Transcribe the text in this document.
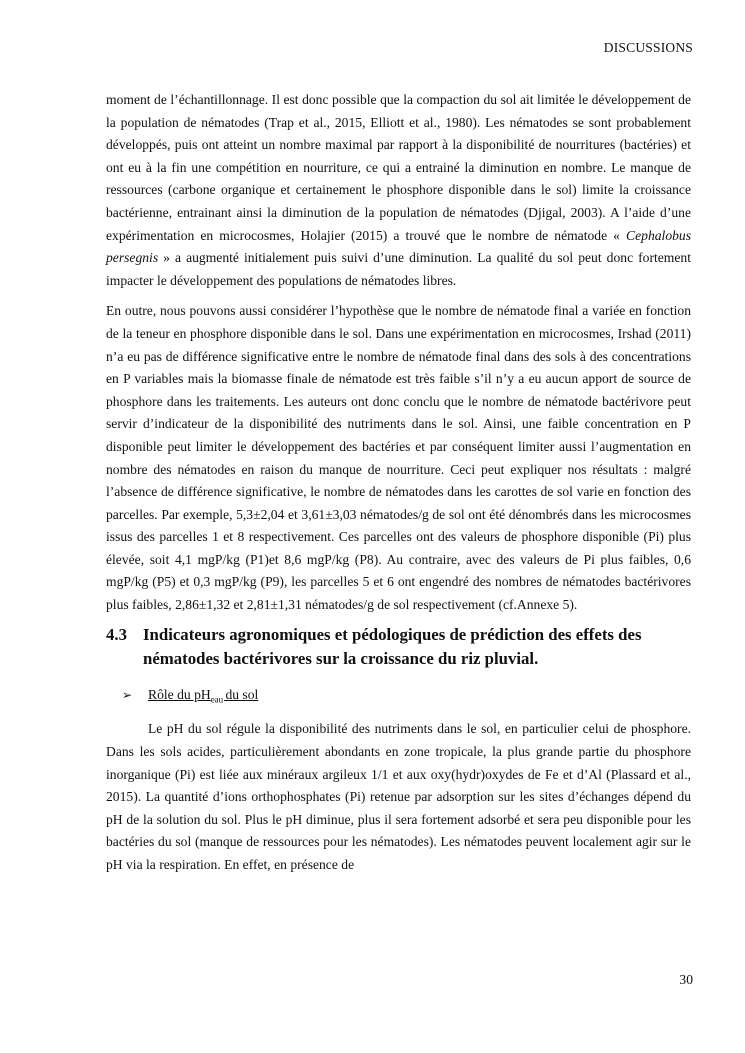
DISCUSSIONS

moment de l’échantillonnage. Il est donc possible que la compaction du sol ait limitée le développement de la population de nématodes (Trap et al., 2015, Elliott et al., 1980). Les nématodes se sont probablement développés, puis ont atteint un nombre maximal par rapport à la disponibilité de nourritures (bactéries) et ont eu à la fin une compétition en nourriture, ce qui a entrainé la diminution en nombre. Le manque de ressources (carbone organique et certainement le phosphore disponible dans le sol) limite la croissance bactérienne, entrainant ainsi la diminution de la population de nématodes (Djigal, 2003). A l’aide d’une expérimentation en microcosmes, Holajier (2015) a trouvé que le nombre de nématode « Cephalobus persegnis » a augmenté initialement puis suivi d’une diminution. La qualité du sol peut donc fortement impacter le développement des populations de nématodes libres.

En outre, nous pouvons aussi considérer l’hypothèse que le nombre de nématode final a variée en fonction de la teneur en phosphore disponible dans le sol. Dans une expérimentation en microcosmes, Irshad (2011) n’a eu pas de différence significative entre le nombre de nématode final dans des sols à des concentrations en P variables mais la biomasse finale de nématode est très faible s’il n’y a eu aucun apport de source de phosphore dans les traitements. Les auteurs ont donc conclu que le nombre de nématode bactérivore peut servir d’indicateur de la disponibilité des nutriments dans le sol. Ainsi, une faible concentration en P disponible peut limiter le développement des bactéries et par conséquent limiter aussi l’augmentation en nombre des nématodes en raison du manque de nourriture. Ceci peut expliquer nos résultats : malgré l’absence de différence significative, le nombre de nématodes dans les carottes de sol varie en fonction des parcelles. Par exemple, 5,3±2,04 et 3,61±3,03 nématodes/g de sol ont été dénombrés dans les microcosmes issus des parcelles 1 et 8 respectivement. Ces parcelles ont des valeurs de phosphore disponible (Pi) plus élevée, soit 4,1 mgP/kg (P1)et 8,6 mgP/kg (P8). Au contraire, avec des valeurs de Pi plus faibles, 0,6 mgP/kg (P5) et 0,3 mgP/kg (P9), les parcelles 5 et 6 ont engendré des nombres de nématodes bactérivores plus faibles, 2,86±1,32 et 2,81±1,31 nématodes/g de sol respectivement (cf.Annexe 5).

4.3 Indicateurs agronomiques et pédologiques de prédiction des effets des nématodes bactérivores sur la croissance du riz pluvial.
➢	Rôle du $pH_{eau}$ du sol

Le pH du sol régule la disponibilité des nutriments dans le sol, en particulier celui de phosphore. Dans les sols acides, particulièrement abondants en zone tropicale, la plus grande partie du phosphore inorganique (Pi) est liée aux minéraux argileux 1/1 et aux oxy(hydr)oxydes de Fe et d’Al (Plassard et al., 2015). La quantité d’ions orthophosphates (Pi) retenue par adsorption sur les sites d’échanges dépend du pH de la solution du sol. Plus le pH diminue, plus il sera fortement adsorbé et sera peu disponible pour les bactéries du sol (manque de ressources pour les nématodes). Les nématodes peuvent localement agir sur le pH via la respiration. En effet, en présence de

30
